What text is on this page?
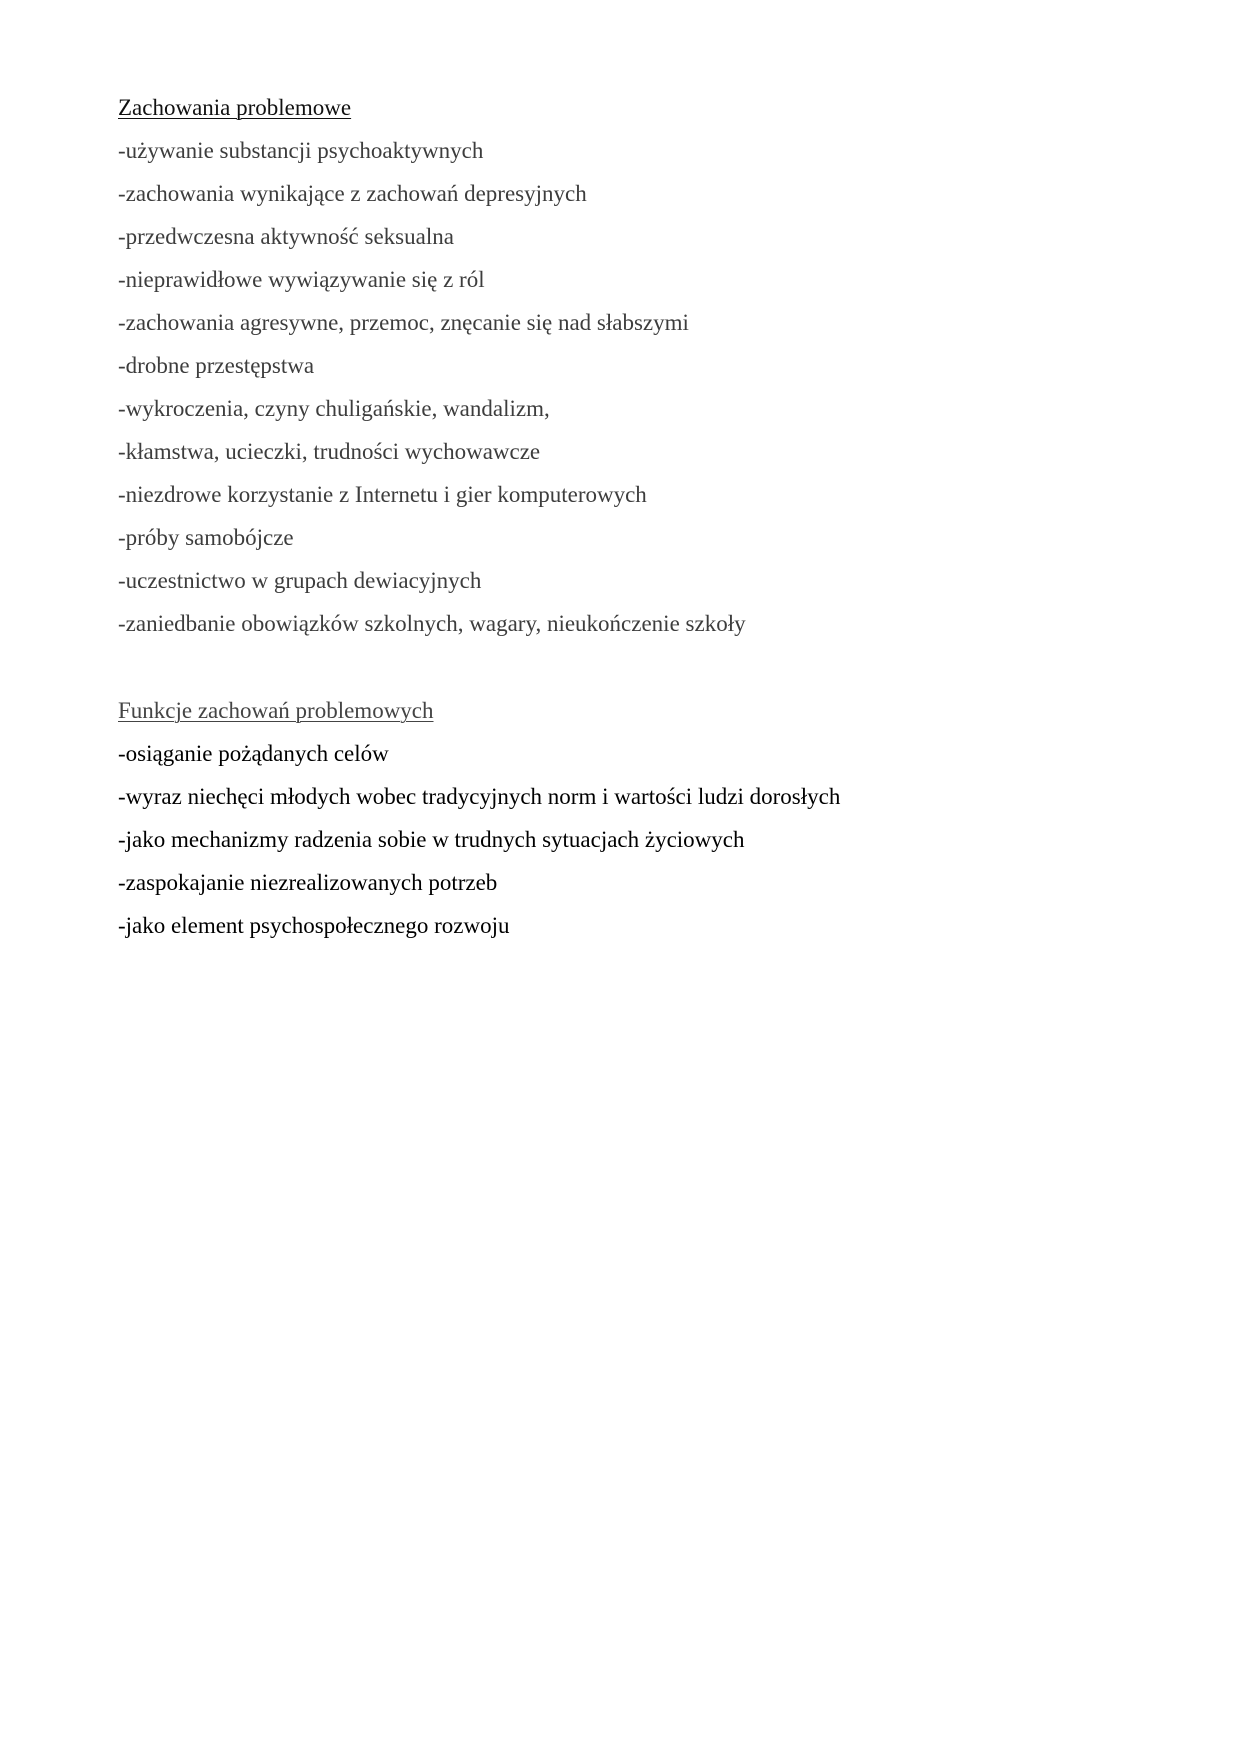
Zachowania problemowe
-używanie substancji psychoaktywnych
-zachowania wynikające z zachowań depresyjnych
-przedwczesna aktywność seksualna
-nieprawidłowe wywiązywanie się z ról
-zachowania agresywne, przemoc, znęcanie się nad słabszymi
-drobne przestępstwa
-wykroczenia, czyny chuligańskie, wandalizm,
-kłamstwa, ucieczki, trudności wychowawcze
-niezdrowe korzystanie z Internetu i gier komputerowych
-próby samobójcze
-uczestnictwo w grupach dewiacyjnych
-zaniedbanie obowiązków szkolnych, wagary, nieukończenie szkoły
Funkcje zachowań problemowych
-osiąganie pożądanych celów
-wyraz niechęci młodych wobec tradycyjnych norm i wartości ludzi dorosłych
-jako mechanizmy radzenia sobie w trudnych sytuacjach życiowych
-zaspokajanie niezrealizowanych potrzeb
-jako element psychospołecznego rozwoju
